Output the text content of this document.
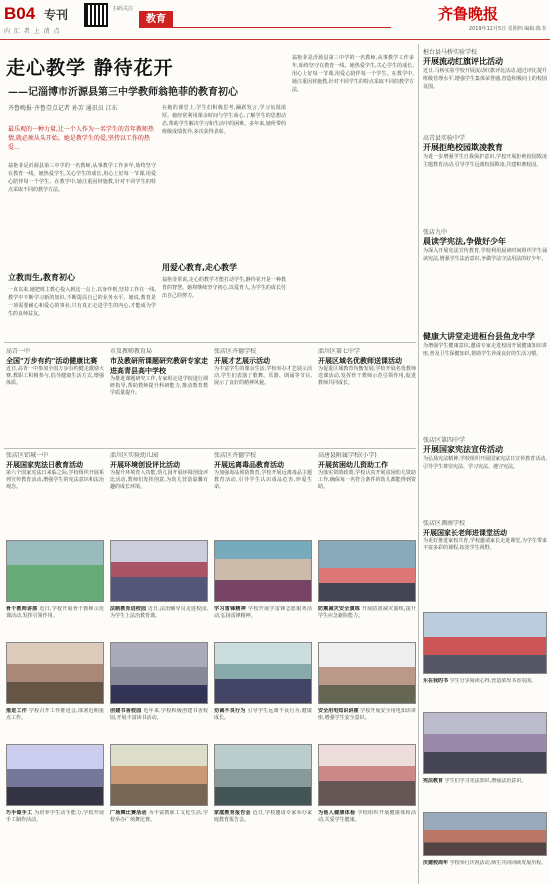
B04 专刊
内 汇 者 上 清 点
扫码关注
教育	齐鲁晚报
2019年12月5日 星期四 编辑:陈书
走心教学 静待花开
——记淄博市沂源县第三中学教师翁艳菲的教育初心
齐鲁晚报·齐鲁壹点记者 孙芳 通讯员 江东
最乐观的一种力量,让一个人作为一名学生的青年教师热情,就必须从头开始。她是教学生的爱,坚持以工作的热爱…
翁艳菲是沂源县第三中学的一名教师,从事教学工作多年,始终坚守在教育一线。她热爱学生,关心学生的成长,用心上好每一节课,用爱心陪伴每一个学生。在教学中,她注重因材施教,针对不同学生的特点采取不同的教学方法。
立教而生,教育初心
一直以来,她把班主教心投入到这一点上,以身作则,坚持工作在一线,教学中不断学习新的知识,不断提高自己的业务水平。她说,教育是一项需要耐心和爱心的事业,只有真正走进学生的内心,才能成为学生的良师益友。
在她的课堂上,学生们积极思考,踊跃发言,学习氛围浓厚。她经常利用课余时间与学生谈心,了解学生的思想动态,帮助学生解决学习和生活中的困难。多年来,她所带的班级成绩优异,多次获得表彰。
用爱心教育,走心教学
翁艳菲常说,走心的教学才能打动学生,静待花开是一种教育的智慧。她将继续坚守初心,以爱育人,为学生的成长付出自己的努力。
翁艳菲是沂源县第三中学的一名教师,从事教学工作多年,始终坚守在教育一线。她热爱学生,关心学生的成长,用心上好每一节课,用爱心陪伴每一个学生。在教学中,她注重因材施教,针对不同学生的特点采取不同的教学方法。
桓台县马桥实验学校
开展流动红旗评比活动
近日,马桥实验学校开展流动红旗评比活动,通过评比提升班级管理水平,增强学生集体荣誉感,营造积极向上的校园氛围。
高青县实验中学
开展拒绝校园欺凌教育
为进一步增强学生自我保护意识,学校开展拒绝校园欺凌主题教育活动,引导学生远离校园欺凌,共建和谐校园。
张店九中
晨读学宪法,争做好少年
为深入开展宪法宣传教育,学校利用晨读时间组织学生诵读宪法,增强学生法治意识,争做学法守法用法的好少年。
健康大讲堂走进桓台县鱼龙中学
为增强学生健康意识,邀请专家走进校园开展健康知识讲座,普及卫生保健知识,帮助学生养成良好的生活习惯。
张店区第四中学
开展国家宪法宣传活动
为弘扬宪法精神,学校组织开展国家宪法日宣传教育活动,引导学生尊崇宪法、学习宪法、遵守宪法。
高青一中
全国"万步有约"活动健康比赛
近日,高青一中参加全国万步有约健走激励大赛,教职工积极参与,倡导健康生活方式,增强体质。
市及教师教育局
市及教研所课题研究教研专家走进高青县高中学校
为推进课题研究工作,专家组走进学校进行调研指导,帮助教师提升科研能力,推动教育教学质量提升。
张店区齐德学校
开展才艺展示活动
为丰富学生的课余生活,学校举办才艺展示活动,学生们表演了歌舞、乐器、朗诵等节目,展示了良好的精神风貌。
淄川区第七中学
开展区域名优教师送课活动
为促进区域教育均衡发展,学校开展名优教师送课活动,发挥骨干教师示范引领作用,促进教师共同成长。
张店区铝城一中
开展国家宪法日教育活动
第六个国家宪法日来临之际,学校组织开展系列宣传教育活动,增强学生的宪法意识和法治观念。
淄川区实验幼儿园
开展环境创设评比活动
为提升环境育人功能,幼儿园开展环境创设评比活动,教师们发挥创意,为幼儿营造温馨有趣的成长环境。
张店区齐德学校
开展远离毒品教育活动
为加强毒品预防教育,学校开展远离毒品主题教育活动,引导学生认识毒品危害,珍爱生命。
高唐县附属学校(小学)
开展贫困幼儿资助工作
为落实资助政策,学校认真开展贫困幼儿资助工作,确保每一名符合条件的幼儿都能得到资助。
张店区调南学校
开展国家长老师进课堂活动
为更好推进家校共育,学校邀请家长走进课堂,为学生带来丰富多彩的课程,拓宽学生视野。
骨干教师讲座 近日,学校开展骨干教师示范课活动,发挥引领作用。
法制教育进校园 近日,法治辅导员走进校园,为学生上法治教育课。
学习雷锋精神 学校开展学雷锋志愿服务活动,弘扬雷锋精神。
防震减灾安全演练 开展防震减灾演练,提升学生应急避险能力。
乐在我的书 学生分享阅读心得,营造浓厚书香氛围。
推进工作 学校召开工作推进会,部署近期重点工作。
创建书香校园 近年来,学校积极创建书香校园,开展丰富读书活动。
劝诫不良行为 引导学生远离不良行为,健康成长。
安全用电知识讲座 学校开展安全用电知识讲座,增强学生安全意识。
宪法教育 学生们学习宪法知识,增强法治意识。
巧手做手工 为培养学生动手能力,学校开展手工制作活动。
广场舞比赛活动 为丰富教职工文化生活,学校举办广场舞比赛。
家庭教育报告会 近日,学校邀请专家举办家庭教育报告会。
为他人健康体检 学校组织开展健康体检活动,关爱学生健康。
庆建校周年 学校举行庆祝活动,师生共同回顾发展历程。
